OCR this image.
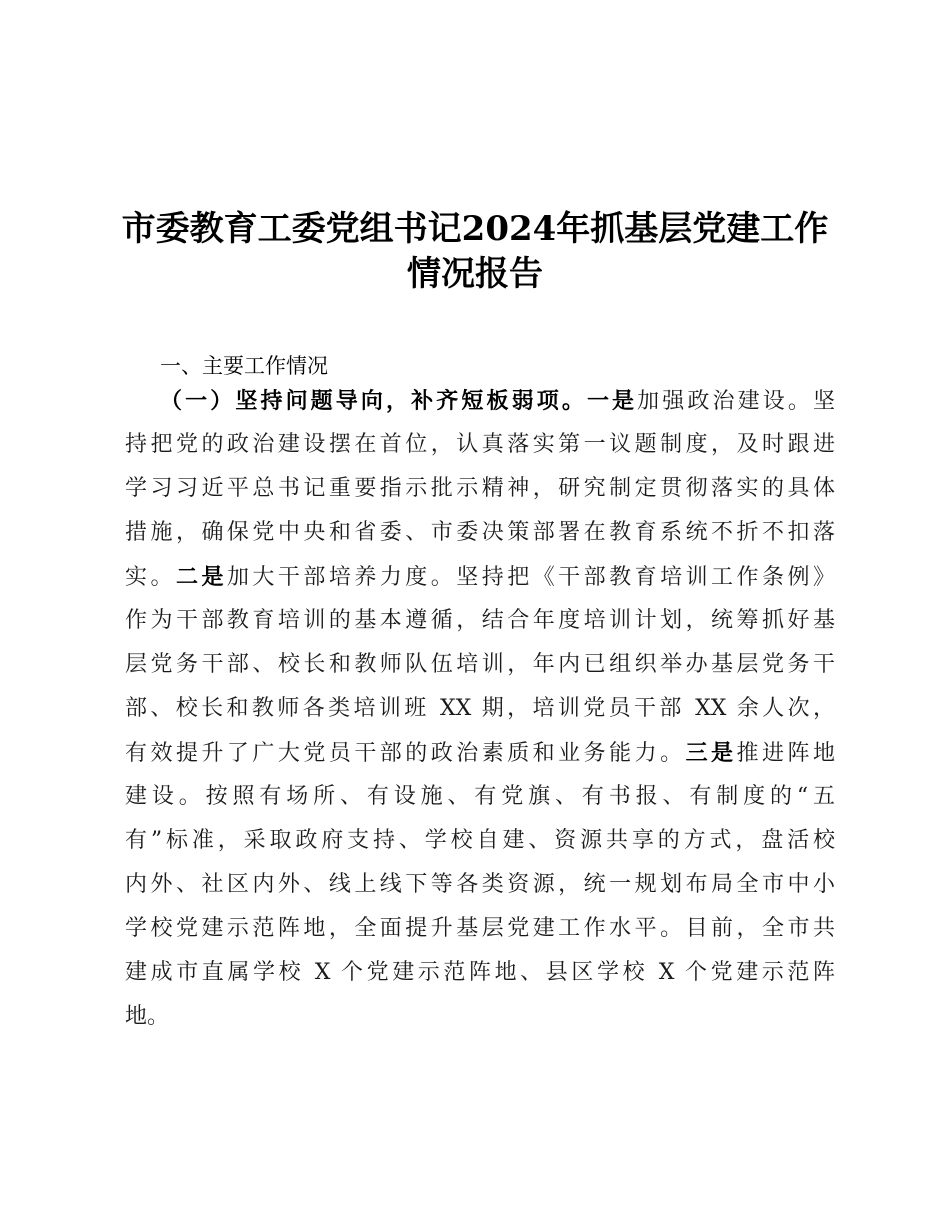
市委教育工委党组书记2024年抓基层党建工作
情况报告
一、主要工作情况
（一）坚持问题导向，补齐短板弱项。一是加强政治建设。坚
持把党的政治建设摆在首位，认真落实第一议题制度，及时跟进
学习习近平总书记重要指示批示精神，研究制定贯彻落实的具体
措施，确保党中央和省委、市委决策部署在教育系统不折不扣落
实。二是加大干部培养力度。坚持把《干部教育培训工作条例》
作为干部教育培训的基本遵循，结合年度培训计划，统筹抓好基
层党务干部、校长和教师队伍培训，年内已组织举办基层党务干
部、校长和教师各类培训班 XX 期，培训党员干部 XX 余人次，
有效提升了广大党员干部的政治素质和业务能力。三是推进阵地
建设。按照有场所、有设施、有党旗、有书报、有制度的“五
有”标准，采取政府支持、学校自建、资源共享的方式，盘活校
内外、社区内外、线上线下等各类资源，统一规划布局全市中小
学校党建示范阵地，全面提升基层党建工作水平。目前，全市共
建成市直属学校 X 个党建示范阵地、县区学校 X 个党建示范阵
地。
